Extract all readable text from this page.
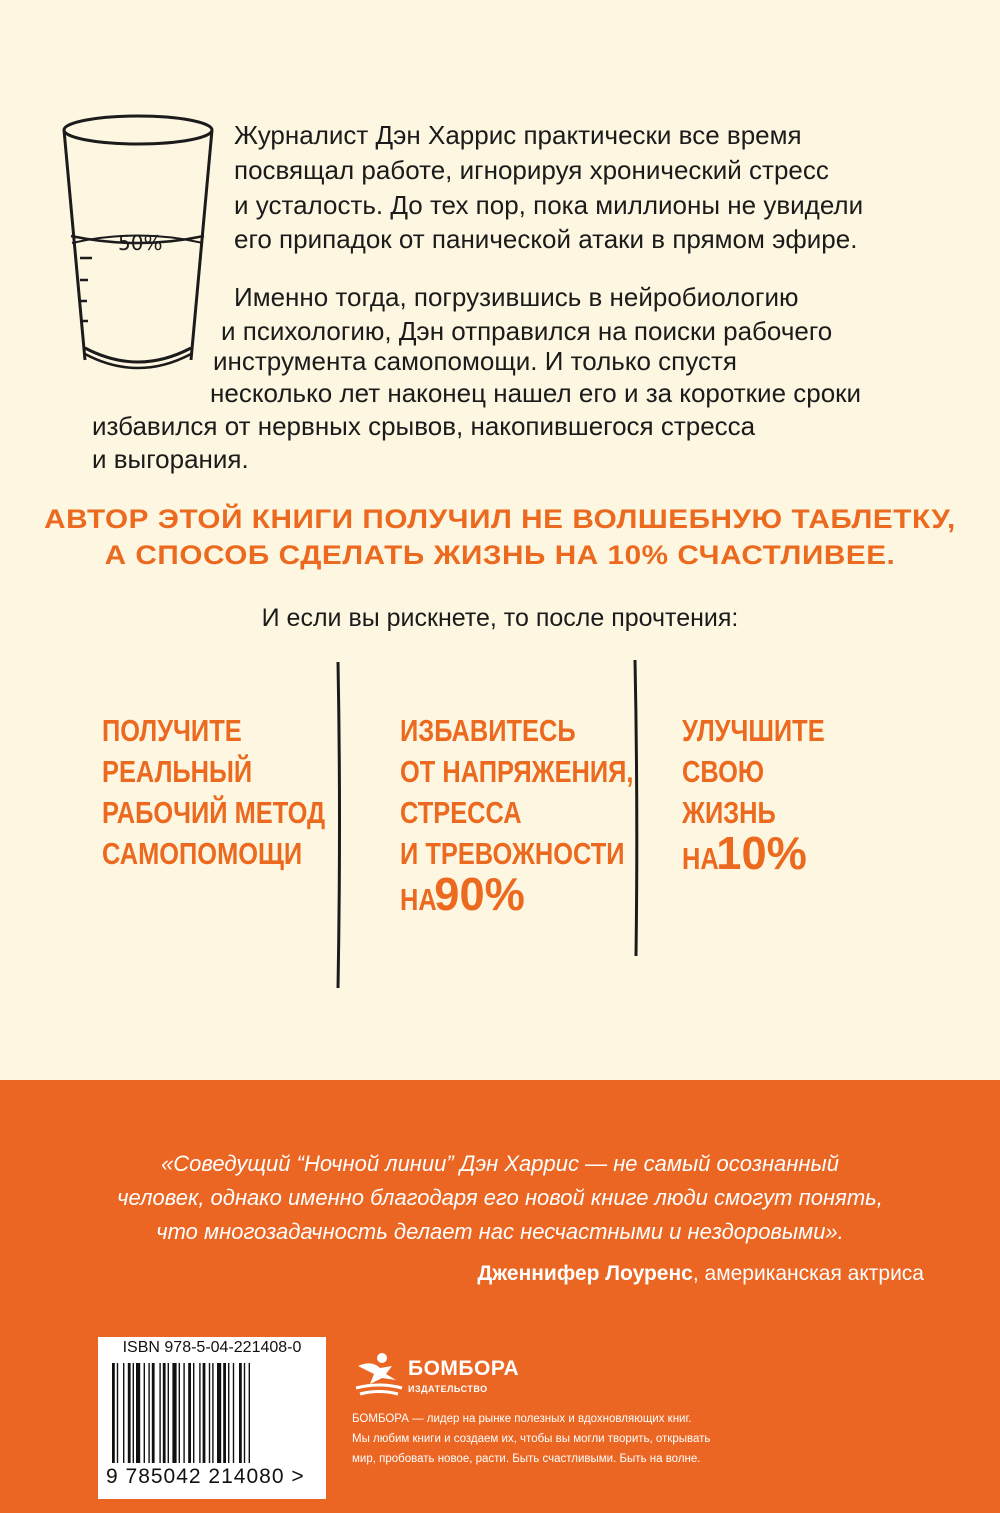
50%
Журналист Дэн Харрис практически все время
посвящал работе, игнорируя хронический стресс
и усталость. До тех пор, пока миллионы не увидели
его припадок от панической атаки в прямом эфире.
Именно тогда, погрузившись в нейробиологию
и психологию, Дэн отправился на поиски рабочего
инструмента самопомощи. И только спустя
несколько лет наконец нашел его и за короткие сроки
избавился от нервных срывов, накопившегося стресса
и выгорания.
АВТОР ЭТОЙ КНИГИ ПОЛУЧИЛ НЕ ВОЛШЕБНУЮ ТАБЛЕТКУ,
А СПОСОБ СДЕЛАТЬ ЖИЗНЬ НА 10% СЧАСТЛИВЕЕ.
И если вы рискнете, то после прочтения:
ПОЛУЧИТЕ
РЕАЛЬНЫЙ
РАБОЧИЙ МЕТОД
САМОПОМОЩИ
ИЗБАВИТЕСЬ
ОТ НАПРЯЖЕНИЯ,
СТРЕССА
И ТРЕВОЖНОСТИ
НА90%
УЛУЧШИТЕ
СВОЮ
ЖИЗНЬ
НА10%
«Соведущий “Ночной линии” Дэн Харрис — не самый осознанный
человек, однако именно благодаря его новой книге люди смогут понять,
что многозадачность делает нас несчастными и нездоровыми».
Дженнифер Лоуренс, американская актриса
ISBN 978-5-04-221408-0
9 785042 214080 >
БОМБОРА
ИЗДАТЕЛЬСТВО
БОМБОРА — лидер на рынке полезных и вдохновляющих книг.
Мы любим книги и создаем их, чтобы вы могли творить, открывать
мир, пробовать новое, расти. Быть счастливыми. Быть на волне.
